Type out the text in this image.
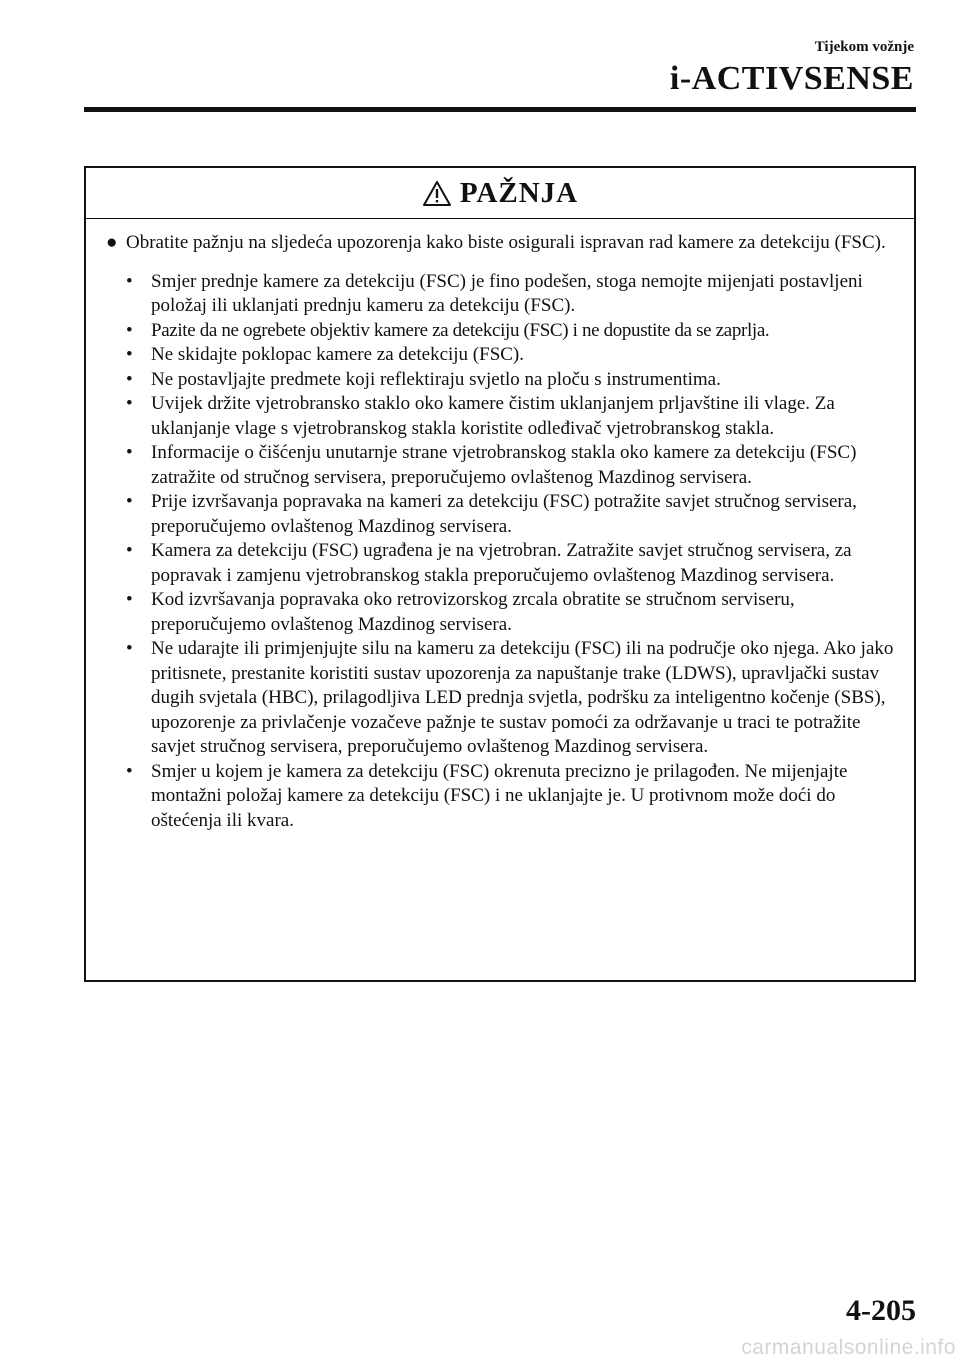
Tijekom vožnje
i-ACTIVSENSE
PAŽNJA

● Obratite pažnju na sljedeća upozorenja kako biste osigurali ispravan rad kamere za detekciju (FSC).

• Smjer prednje kamere za detekciju (FSC) je fino podešen, stoga nemojte mijenjati postavljeni položaj ili uklanjati prednju kameru za detekciju (FSC).
• Pazite da ne ogrebete objektiv kamere za detekciju (FSC) i ne dopustite da se zaprlja.
• Ne skidajte poklopac kamere za detekciju (FSC).
• Ne postavljajte predmete koji reflektiraju svjetlo na ploču s instrumentima.
• Uvijek držite vjetrobransko staklo oko kamere čistim uklanjanjem prljavštine ili vlage. Za uklanjanje vlage s vjetrobranskog stakla koristite odleđivač vjetrobranskog stakla.
• Informacije o čišćenju unutarnje strane vjetrobranskog stakla oko kamere za detekciju (FSC) zatražite od stručnog servisera, preporučujemo ovlaštenog Mazdinog servisera.
• Prije izvršavanja popravaka na kameri za detekciju (FSC) potražite savjet stručnog servisera, preporučujemo ovlaštenog Mazdinog servisera.
• Kamera za detekciju (FSC) ugrađena je na vjetrobran. Zatražite savjet stručnog servisera, za popravak i zamjenu vjetrobranskog stakla preporučujemo ovlaštenog Mazdinog servisera.
• Kod izvršavanja popravaka oko retrovizorskog zrcala obratite se stručnom serviseru, preporučujemo ovlaštenog Mazdinog servisera.
• Ne udarajte ili primjenjujte silu na kameru za detekciju (FSC) ili na područje oko njega. Ako jako pritisnete, prestanite koristiti sustav upozorenja za napuštanje trake (LDWS), upravljački sustav dugih svjetala (HBC), prilagodljiva LED prednja svjetla, podršku za inteligentno kočenje (SBS), upozorenje za privlačenje vozačeve pažnje te sustav pomoći za održavanje u traci te potražite savjet stručnog servisera, preporučujemo ovlaštenog Mazdinog servisera.
• Smjer u kojem je kamera za detekciju (FSC) okrenuta precizno je prilagođen. Ne mijenjajte montažni položaj kamere za detekciju (FSC) i ne uklanjajte je. U protivnom može doći do oštećenja ili kvara.
4-205
carmanualsonline.info
